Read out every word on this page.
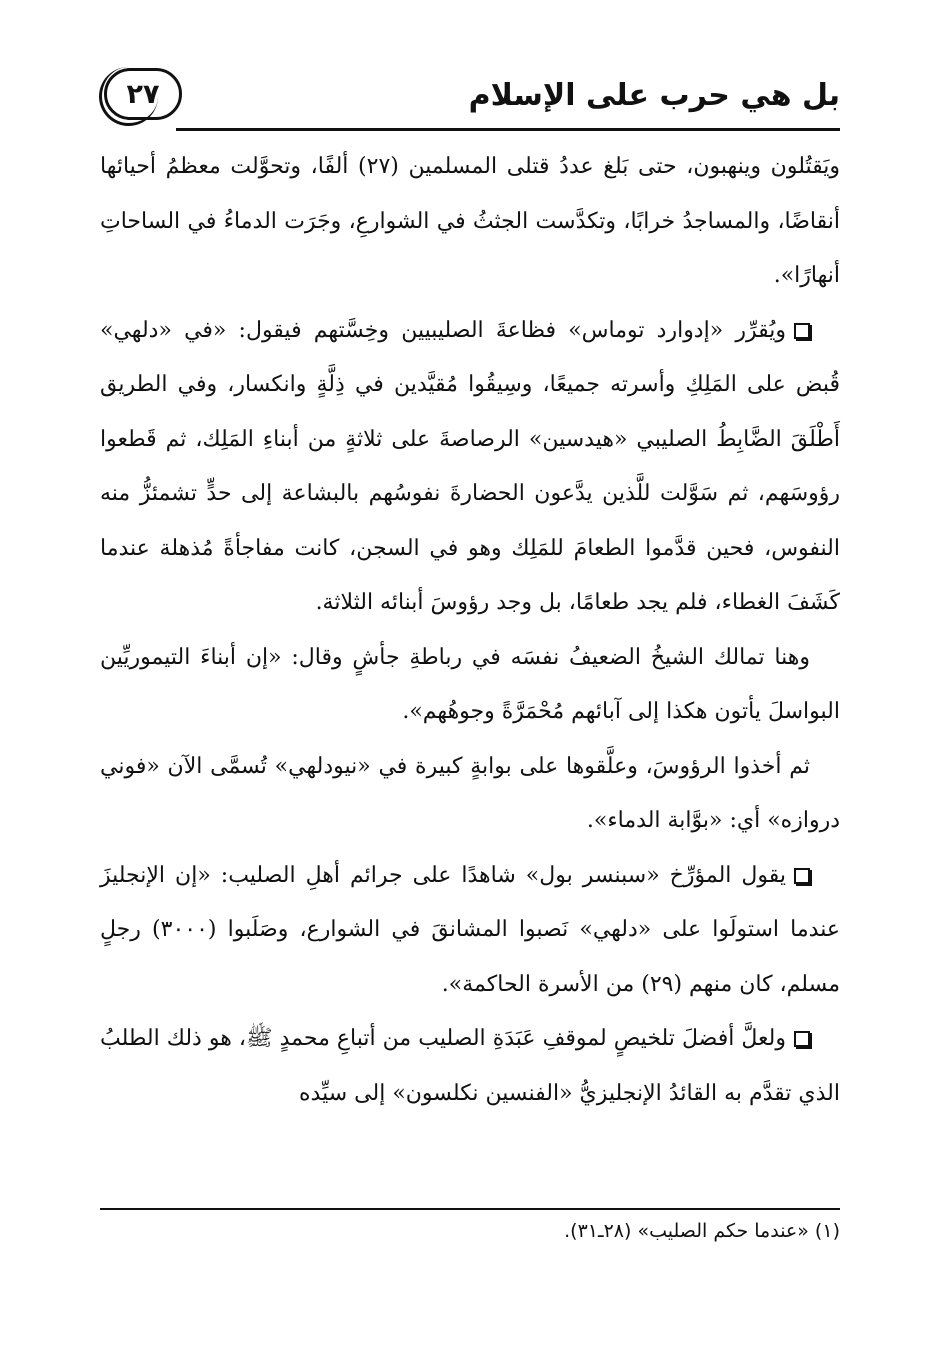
٢٧	بل هي حرب على الإسلام

ويَقتُلون وينهبون، حتى بَلغ عددُ قتلى المسلمين (٢٧) ألفًا، وتحوَّلت معظمُ أحيائها أنقاضًا، والمساجدُ خرابًا، وتكدَّست الجثثُ في الشوارعِ، وجَرَت الدماءُ في الساحاتِ أنهارًا».

ويُقرِّر «إدوارد توماس» فظاعةَ الصليبيين وخِسَّتهم فيقول: «في «دلهي» قُبض على المَلِكِ وأسرته جميعًا، وسِيقُوا مُقيَّدين في ذِلَّةٍ وانكسار، وفي الطريق أَطْلَقَ الضَّابِطُ الصليبي «هيدسين» الرصاصةَ على ثلاثةٍ من أبناءِ المَلِك، ثم قَطعوا رؤوسَهم، ثم سَوَّلت للَّذين يدَّعون الحضارةَ نفوسُهم بالبشاعة إلى حدٍّ تشمئزُّ منه النفوس، فحين قدَّموا الطعامَ للمَلِك وهو في السجن، كانت مفاجأةً مُذهلة عندما كَشَفَ الغطاء، فلم يجد طعامًا، بل وجد رؤوسَ أبنائه الثلاثة.

وهنا تمالك الشيخُ الضعيفُ نفسَه في رباطةِ جأشٍ وقال: «إن أبناءَ التيموريِّين البواسلَ يأتون هكذا إلى آبائهم مُحْمَرَّةً وجوهُهم».

ثم أخذوا الرؤوسَ، وعلَّقوها على بوابةٍ كبيرة في «نيودلهي» تُسمَّى الآن «فوني دروازه» أي: «بوَّابة الدماء».

يقول المؤرِّخ «سبنسر بول» شاهدًا على جرائم أهلِ الصليب: «إن الإنجليزَ عندما استولَوا على «دلهي» نَصبوا المشانقَ في الشوارع، وصَلَبوا (٣٠٠٠) رجلٍ مسلم، كان منهم (٢٩) من الأسرة الحاكمة».

ولعلَّ أفضلَ تلخيصٍ لموقفِ عَبَدَةِ الصليب من أتباعِ محمدٍ ﷺ، هو ذلك الطلبُ الذي تقدَّم به القائدُ الإنجليزيُّ «الفنسين نكلسون» إلى سيِّده

(١) «عندما حكم الصليب» (٢٨ـ٣١).
